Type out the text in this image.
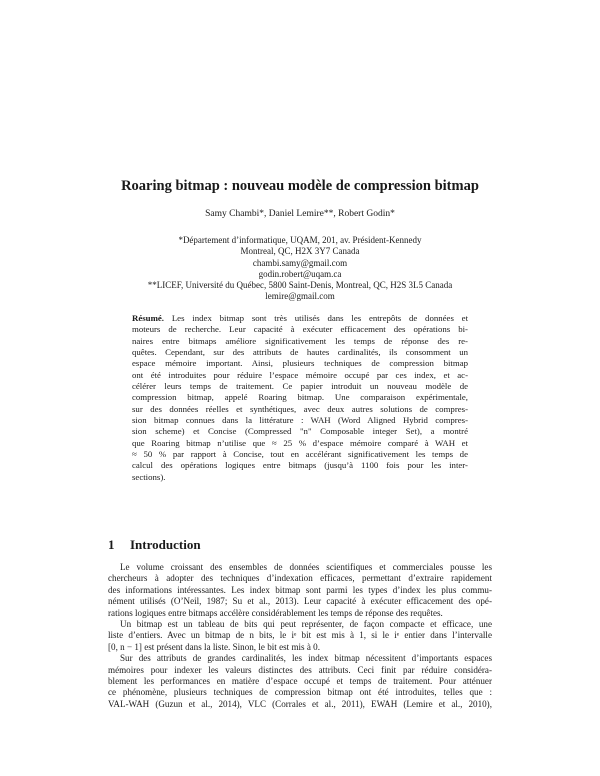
Roaring bitmap : nouveau modèle de compression bitmap
Samy Chambi*, Daniel Lemire**, Robert Godin*
*Département d’informatique, UQAM, 201, av. Président-Kennedy
Montreal, QC, H2X 3Y7 Canada
chambi.samy@gmail.com
godin.robert@uqam.ca
**LICEF, Université du Québec, 5800 Saint-Denis, Montreal, QC, H2S 3L5 Canada
lemire@gmail.com
Résumé. Les index bitmap sont très utilisés dans les entrepôts de données et
moteurs de recherche. Leur capacité à exécuter efficacement des opérations bi-
naires entre bitmaps améliore significativement les temps de réponse des re-
quêtes. Cependant, sur des attributs de hautes cardinalités, ils consomment un
espace mémoire important. Ainsi, plusieurs techniques de compression bitmap
ont été introduites pour réduire l’espace mémoire occupé par ces index, et ac-
célérer leurs temps de traitement. Ce papier introduit un nouveau modèle de
compression bitmap, appelé Roaring bitmap. Une comparaison expérimentale,
sur des données réelles et synthétiques, avec deux autres solutions de compres-
sion bitmap connues dans la littérature : WAH (Word Aligned Hybrid compres-
sion scheme) et Concise (Compressed "n" Composable integer Set), a montré
que Roaring bitmap n’utilise que ≈ 25 % d’espace mémoire comparé à WAH et
≈ 50 % par rapport à Concise, tout en accélérant significativement les temps de
calcul des opérations logiques entre bitmaps (jusqu’à 1100 fois pour les inter-
sections).
1 Introduction
Le volume croissant des ensembles de données scientifiques et commerciales pousse les
chercheurs à adopter des techniques d’indexation efficaces, permettant d’extraire rapidement
des informations intéressantes. Les index bitmap sont parmi les types d’index les plus commu-
nément utilisés (O’Neil, 1987; Su et al., 2013). Leur capacité à exécuter efficacement des opé-
rations logiques entre bitmaps accélère considérablement les temps de réponse des requêtes.
Un bitmap est un tableau de bits qui peut représenter, de façon compacte et efficace, une
liste d’entiers. Avec un bitmap de n bits, le iᵉ bit est mis à 1, si le iᵉ entier dans l’intervalle
[0, n − 1] est présent dans la liste. Sinon, le bit est mis à 0.
Sur des attributs de grandes cardinalités, les index bitmap nécessitent d’importants espaces
mémoires pour indexer les valeurs distinctes des attributs. Ceci finit par réduire considéra-
blement les performances en matière d’espace occupé et temps de traitement. Pour atténuer
ce phénomène, plusieurs techniques de compression bitmap ont été introduites, telles que :
VAL-WAH (Guzun et al., 2014), VLC (Corrales et al., 2011), EWAH (Lemire et al., 2010),
